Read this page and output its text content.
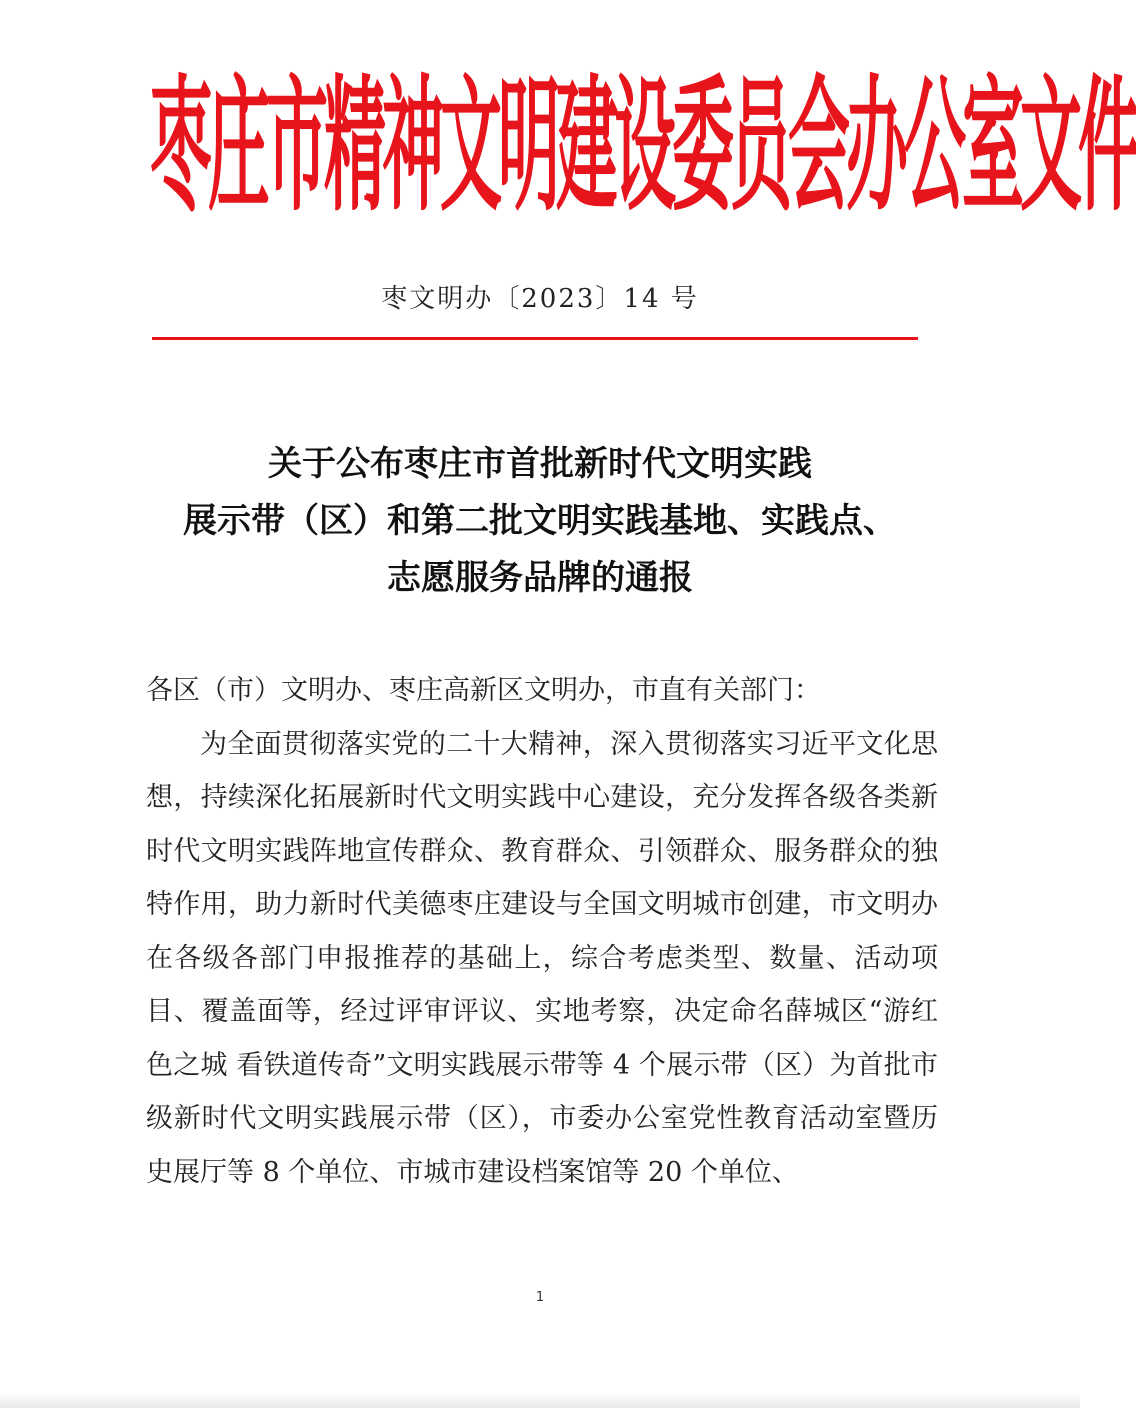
枣庄市精神文明建设委员会办公室文件
枣文明办〔2023〕14 号
关于公布枣庄市首批新时代文明实践
展示带（区）和第二批文明实践基地、实践点、
志愿服务品牌的通报

各区（市）文明办、枣庄高新区文明办，市直有关部门：

为全面贯彻落实党的二十大精神，深入贯彻落实习近平文化思想，持续深化拓展新时代文明实践中心建设，充分发挥各级各类新时代文明实践阵地宣传群众、教育群众、引领群众、服务群众的独特作用，助力新时代美德枣庄建设与全国文明城市创建，市文明办在各级各部门申报推荐的基础上，综合考虑类型、数量、活动项目、覆盖面等，经过评审评议、实地考察，决定命名薛城区“游红色之城 看铁道传奇”文明实践展示带等 4 个展示带（区）为首批市级新时代文明实践展示带（区），市委办公室党性教育活动室暨历史展厅等 8 个单位、市城市建设档案馆等 20 个单位、

1
